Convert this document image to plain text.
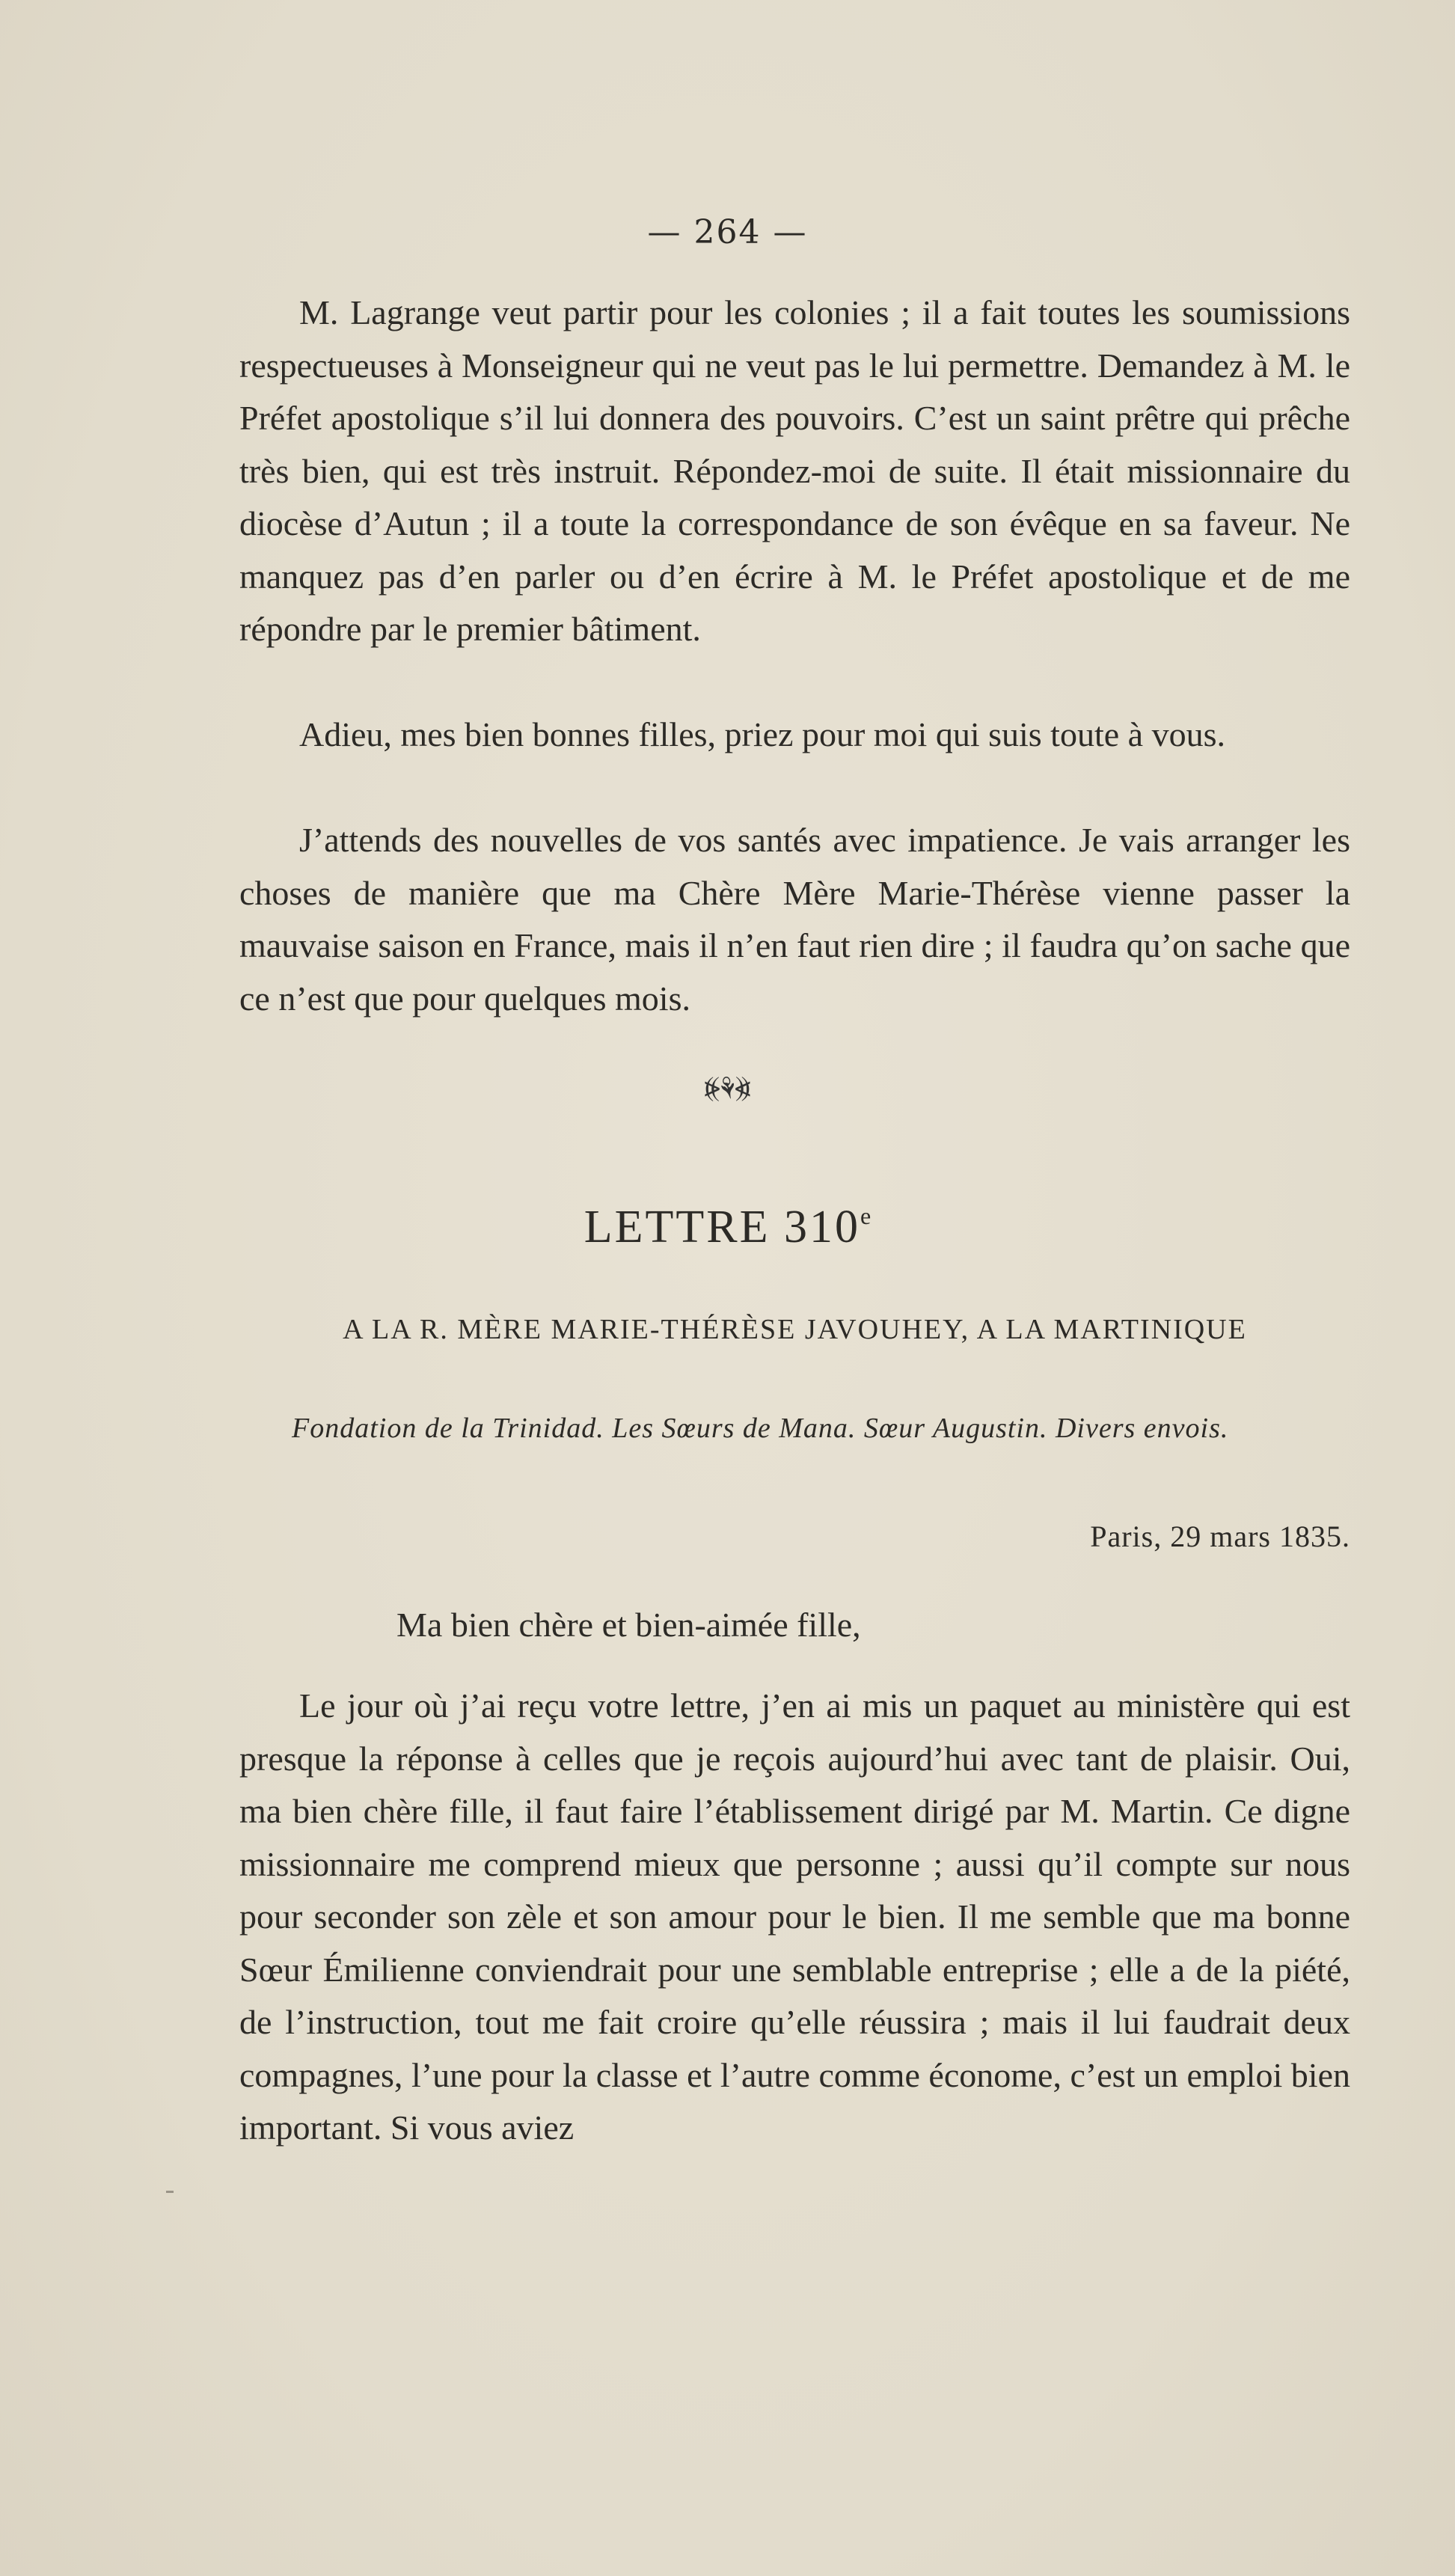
— 264 —

M. Lagrange veut partir pour les colonies ; il a fait toutes les soumissions respectueuses à Monseigneur qui ne veut pas le lui permettre. Demandez à M. le Préfet apostolique s’il lui donnera des pouvoirs. C’est un saint prêtre qui prêche très bien, qui est très instruit. Répondez-moi de suite. Il était missionnaire du diocèse d’Autun ; il a toute la correspondance de son évêque en sa faveur. Ne manquez pas d’en parler ou d’en écrire à M. le Préfet apostolique et de me répondre par le premier bâtiment.

Adieu, mes bien bonnes filles, priez pour moi qui suis toute à vous.

J’attends des nouvelles de vos santés avec impatience. Je vais arranger les choses de manière que ma Chère Mère Marie-Thérèse vienne passer la mauvaise saison en France, mais il n’en faut rien dire ; il faudra qu’on sache que ce n’est que pour quelques mois.

⦕⚘⦖
LETTRE 310e
A LA R. MÈRE MARIE-THÉRÈSE JAVOUHEY, A LA MARTINIQUE
Fondation de la Trinidad. Les Sœurs de Mana. Sœur Augustin. Divers envois.
Paris, 29 mars 1835.
Ma bien chère et bien-aimée fille,

Le jour où j’ai reçu votre lettre, j’en ai mis un paquet au ministère qui est presque la réponse à celles que je reçois aujourd’hui avec tant de plaisir. Oui, ma bien chère fille, il faut faire l’établissement dirigé par M. Martin. Ce digne missionnaire me comprend mieux que personne ; aussi qu’il compte sur nous pour seconder son zèle et son amour pour le bien. Il me semble que ma bonne Sœur Émilienne conviendrait pour une semblable entreprise ; elle a de la piété, de l’instruction, tout me fait croire qu’elle réussira ; mais il lui faudrait deux compagnes, l’une pour la classe et l’autre comme économe, c’est un emploi bien important. Si vous aviez
